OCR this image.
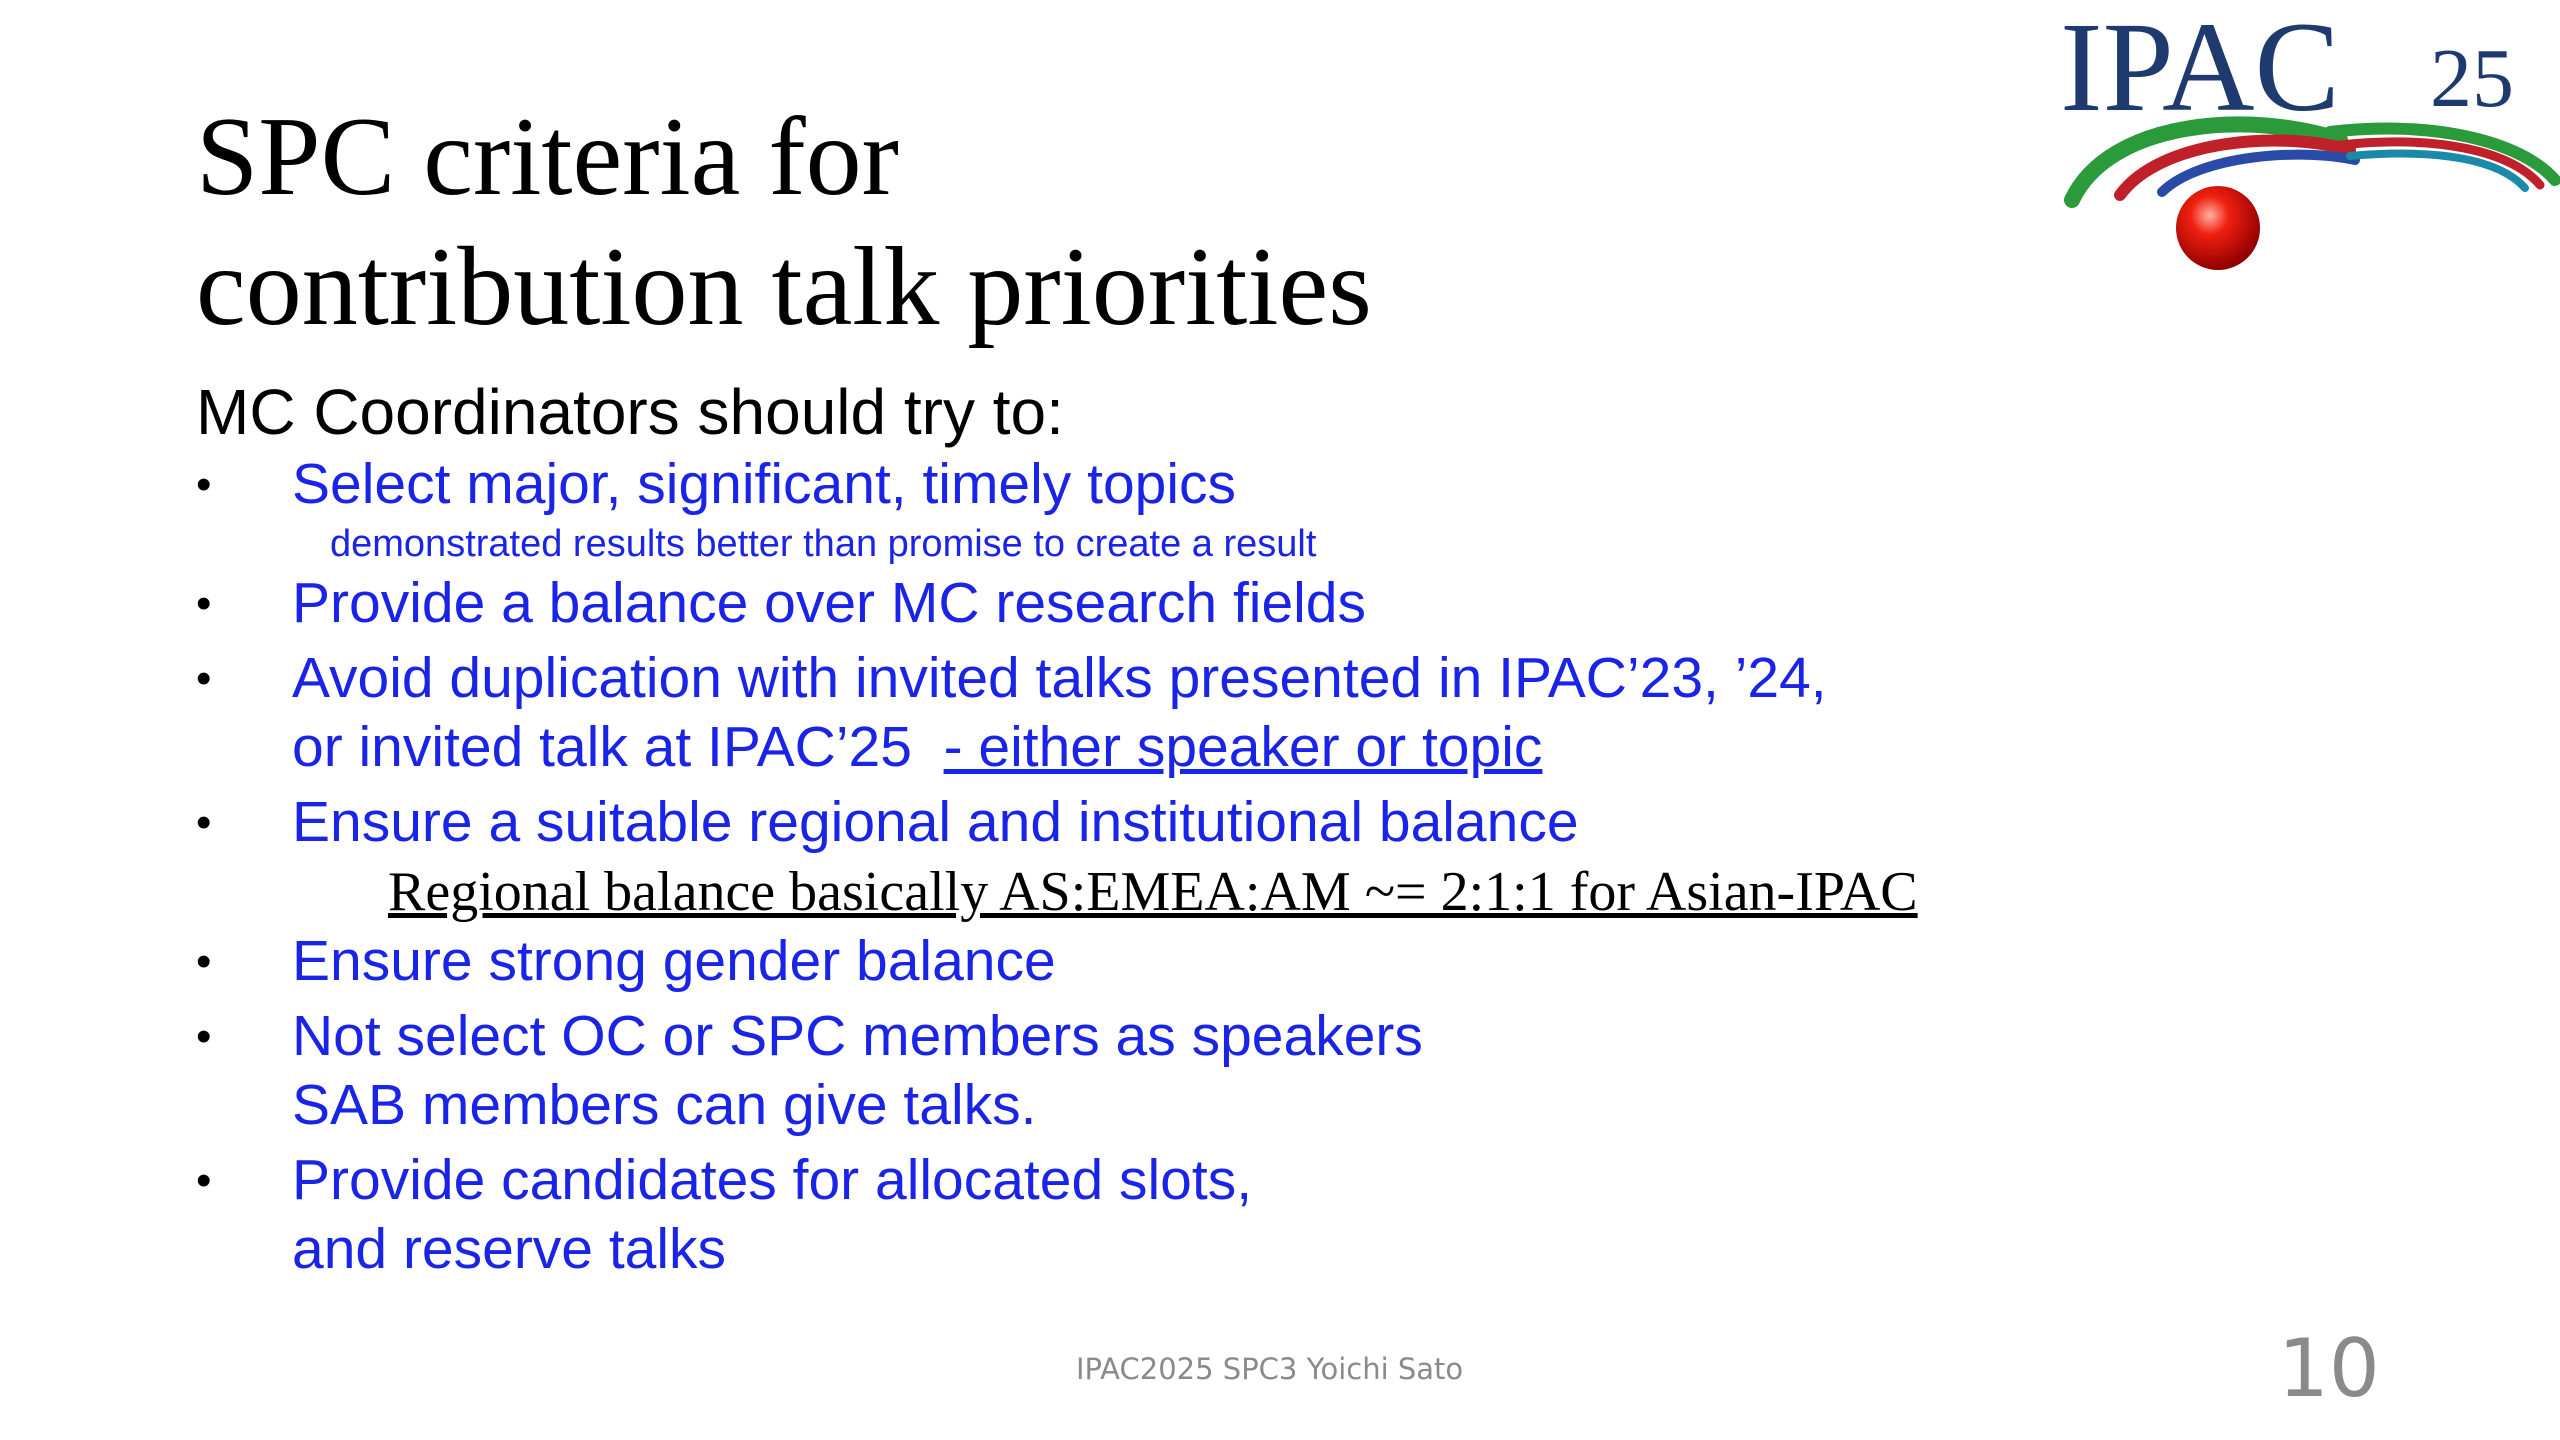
SPC criteria for
contribution talk priorities
IPAC 25
MC Coordinators should try to:
• Select major, significant, timely topics
demonstrated results better than promise to create a result
• Provide a balance over MC research fields
• Avoid duplication with invited talks presented in IPAC’23, ’24,
or invited talk at IPAC’25  - either speaker or topic
• Ensure a suitable regional and institutional balance
Regional balance basically AS:EMEA:AM ~= 2:1:1 for Asian-IPAC
• Ensure strong gender balance
• Not select OC or SPC members as speakers
SAB members can give talks.
• Provide candidates for allocated slots,
and reserve talks
IPAC2025 SPC3 Yoichi Sato	10
